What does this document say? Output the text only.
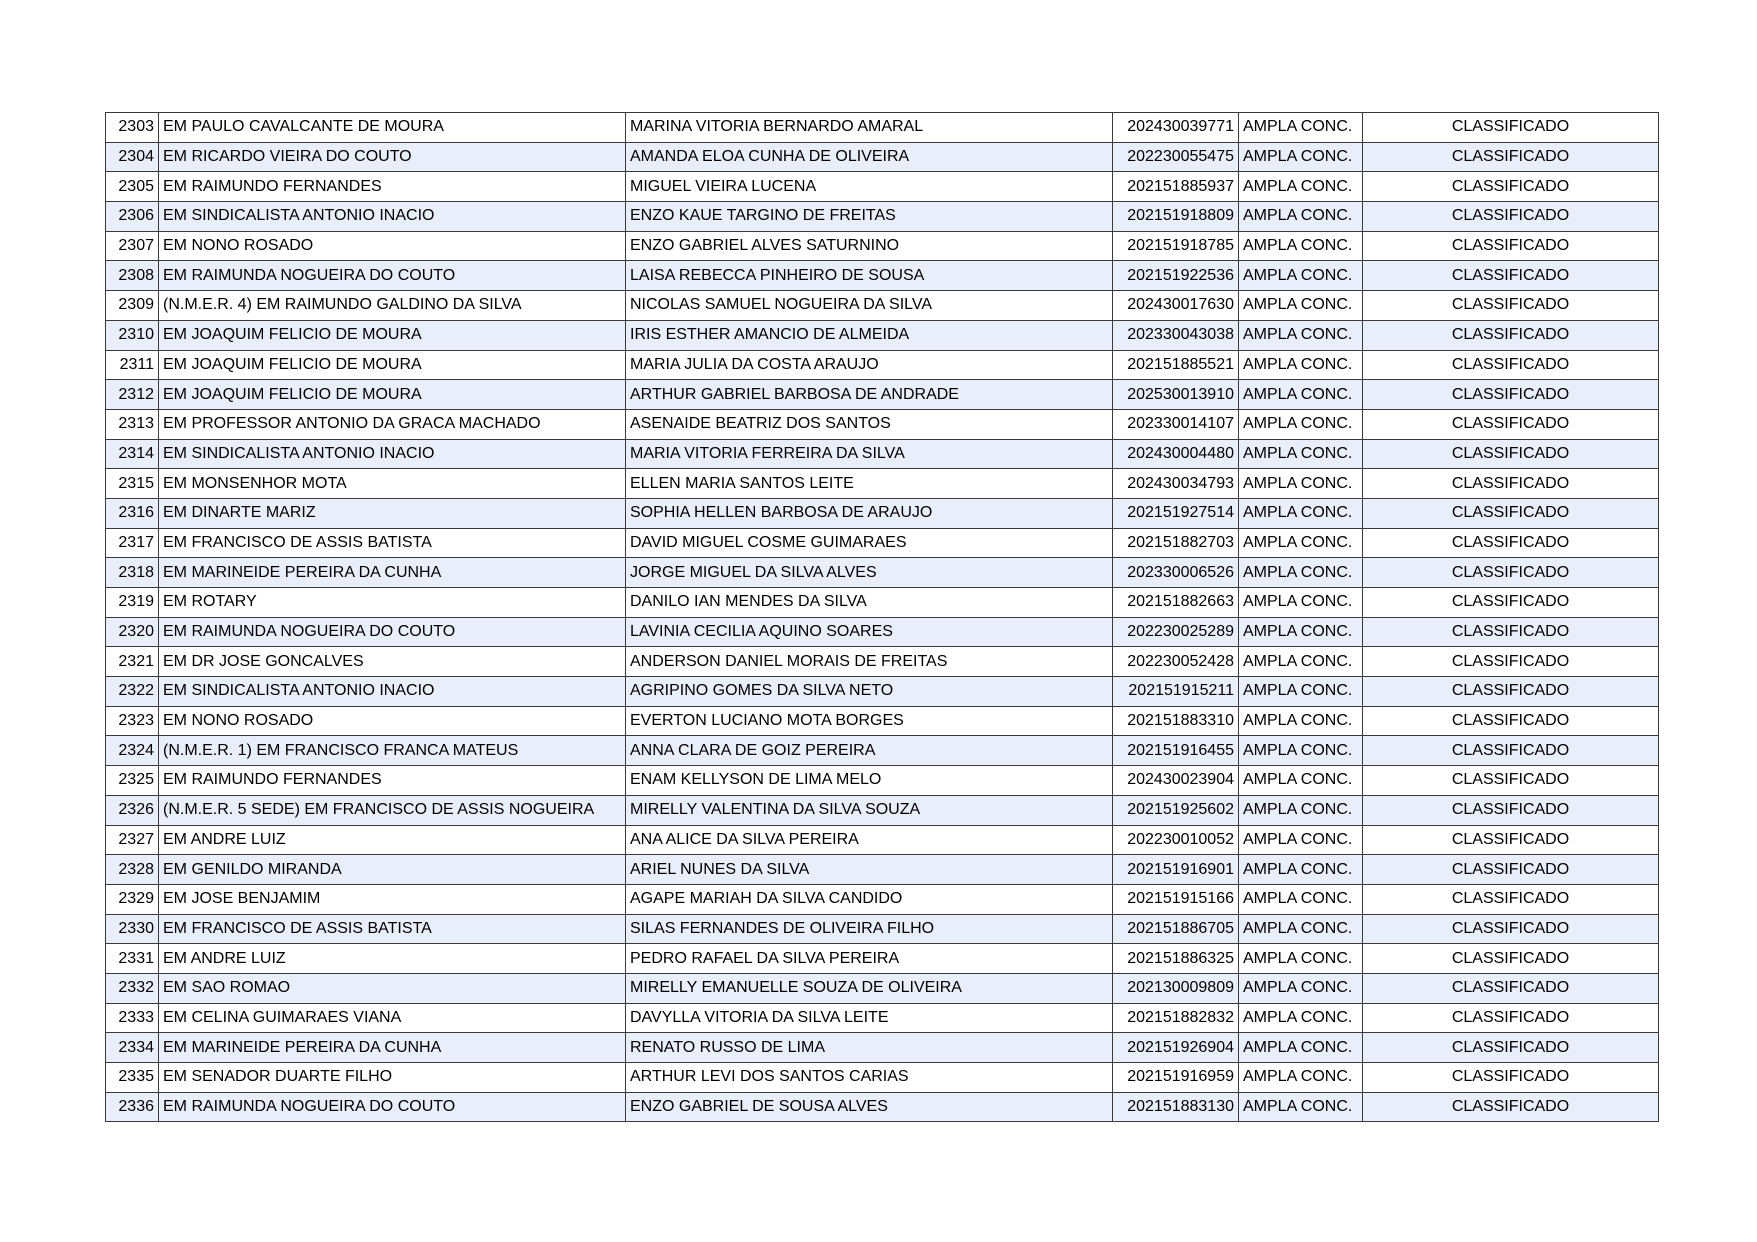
2303	EM PAULO CAVALCANTE DE MOURA	MARINA VITORIA BERNARDO AMARAL	202430039771	AMPLA CONC.	CLASSIFICADO
2304	EM RICARDO VIEIRA DO COUTO	AMANDA ELOA CUNHA DE OLIVEIRA	202230055475	AMPLA CONC.	CLASSIFICADO
2305	EM RAIMUNDO FERNANDES	MIGUEL VIEIRA LUCENA	202151885937	AMPLA CONC.	CLASSIFICADO
2306	EM SINDICALISTA ANTONIO INACIO	ENZO KAUE TARGINO DE FREITAS	202151918809	AMPLA CONC.	CLASSIFICADO
2307	EM NONO ROSADO	ENZO GABRIEL ALVES SATURNINO	202151918785	AMPLA CONC.	CLASSIFICADO
2308	EM RAIMUNDA NOGUEIRA DO COUTO	LAISA REBECCA PINHEIRO DE SOUSA	202151922536	AMPLA CONC.	CLASSIFICADO
2309	(N.M.E.R. 4) EM RAIMUNDO GALDINO DA SILVA	NICOLAS SAMUEL NOGUEIRA DA SILVA	202430017630	AMPLA CONC.	CLASSIFICADO
2310	EM JOAQUIM FELICIO DE MOURA	IRIS ESTHER AMANCIO DE ALMEIDA	202330043038	AMPLA CONC.	CLASSIFICADO
2311	EM JOAQUIM FELICIO DE MOURA	MARIA JULIA DA COSTA ARAUJO	202151885521	AMPLA CONC.	CLASSIFICADO
2312	EM JOAQUIM FELICIO DE MOURA	ARTHUR GABRIEL BARBOSA DE ANDRADE	202530013910	AMPLA CONC.	CLASSIFICADO
2313	EM PROFESSOR ANTONIO DA GRACA MACHADO	ASENAIDE BEATRIZ DOS SANTOS	202330014107	AMPLA CONC.	CLASSIFICADO
2314	EM SINDICALISTA ANTONIO INACIO	MARIA VITORIA FERREIRA DA SILVA	202430004480	AMPLA CONC.	CLASSIFICADO
2315	EM MONSENHOR MOTA	ELLEN MARIA SANTOS LEITE	202430034793	AMPLA CONC.	CLASSIFICADO
2316	EM DINARTE MARIZ	SOPHIA HELLEN BARBOSA DE ARAUJO	202151927514	AMPLA CONC.	CLASSIFICADO
2317	EM FRANCISCO DE ASSIS BATISTA	DAVID MIGUEL COSME GUIMARAES	202151882703	AMPLA CONC.	CLASSIFICADO
2318	EM MARINEIDE PEREIRA DA CUNHA	JORGE MIGUEL DA SILVA ALVES	202330006526	AMPLA CONC.	CLASSIFICADO
2319	EM ROTARY	DANILO IAN MENDES DA SILVA	202151882663	AMPLA CONC.	CLASSIFICADO
2320	EM RAIMUNDA NOGUEIRA DO COUTO	LAVINIA CECILIA AQUINO SOARES	202230025289	AMPLA CONC.	CLASSIFICADO
2321	EM DR JOSE GONCALVES	ANDERSON DANIEL MORAIS DE FREITAS	202230052428	AMPLA CONC.	CLASSIFICADO
2322	EM SINDICALISTA ANTONIO INACIO	AGRIPINO GOMES DA SILVA NETO	202151915211	AMPLA CONC.	CLASSIFICADO
2323	EM NONO ROSADO	EVERTON LUCIANO MOTA BORGES	202151883310	AMPLA CONC.	CLASSIFICADO
2324	(N.M.E.R. 1) EM FRANCISCO FRANCA MATEUS	ANNA CLARA DE GOIZ PEREIRA	202151916455	AMPLA CONC.	CLASSIFICADO
2325	EM RAIMUNDO FERNANDES	ENAM KELLYSON DE LIMA MELO	202430023904	AMPLA CONC.	CLASSIFICADO
2326	(N.M.E.R. 5 SEDE) EM FRANCISCO DE ASSIS NOGUEIRA	MIRELLY VALENTINA DA SILVA SOUZA	202151925602	AMPLA CONC.	CLASSIFICADO
2327	EM ANDRE LUIZ	ANA ALICE DA SILVA PEREIRA	202230010052	AMPLA CONC.	CLASSIFICADO
2328	EM GENILDO MIRANDA	ARIEL NUNES DA SILVA	202151916901	AMPLA CONC.	CLASSIFICADO
2329	EM JOSE BENJAMIM	AGAPE MARIAH DA SILVA CANDIDO	202151915166	AMPLA CONC.	CLASSIFICADO
2330	EM FRANCISCO DE ASSIS BATISTA	SILAS FERNANDES DE OLIVEIRA FILHO	202151886705	AMPLA CONC.	CLASSIFICADO
2331	EM ANDRE LUIZ	PEDRO RAFAEL DA SILVA PEREIRA	202151886325	AMPLA CONC.	CLASSIFICADO
2332	EM SAO ROMAO	MIRELLY EMANUELLE SOUZA DE OLIVEIRA	202130009809	AMPLA CONC.	CLASSIFICADO
2333	EM CELINA GUIMARAES VIANA	DAVYLLA VITORIA DA SILVA LEITE	202151882832	AMPLA CONC.	CLASSIFICADO
2334	EM MARINEIDE PEREIRA DA CUNHA	RENATO RUSSO DE LIMA	202151926904	AMPLA CONC.	CLASSIFICADO
2335	EM SENADOR DUARTE FILHO	ARTHUR LEVI DOS SANTOS CARIAS	202151916959	AMPLA CONC.	CLASSIFICADO
2336	EM RAIMUNDA NOGUEIRA DO COUTO	ENZO GABRIEL DE SOUSA ALVES	202151883130	AMPLA CONC.	CLASSIFICADO
